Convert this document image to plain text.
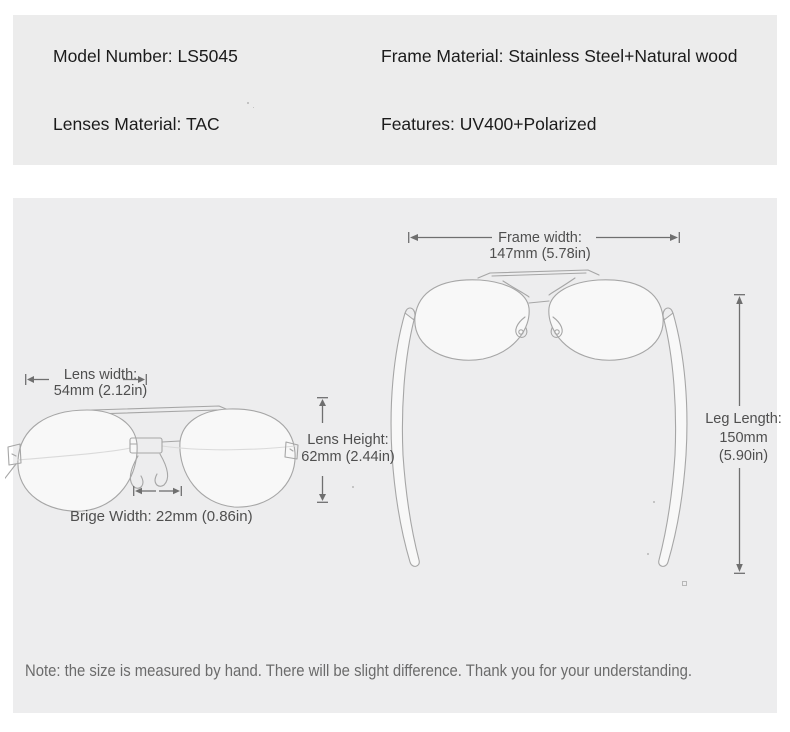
Model Number: LS5045	Frame Material: Stainless Steel+Natural wood
Lenses Material: TAC	Features: UV400+Polarized
Lens width:
54mm (2.12in)
Lens Height:
62mm (2.44in)
Brige Width: 22mm (0.86in)
Frame width:
147mm (5.78in)
Leg Length:
150mm
(5.90in)
Note: the size is measured by hand. There will be slight difference. Thank you for your understanding.
